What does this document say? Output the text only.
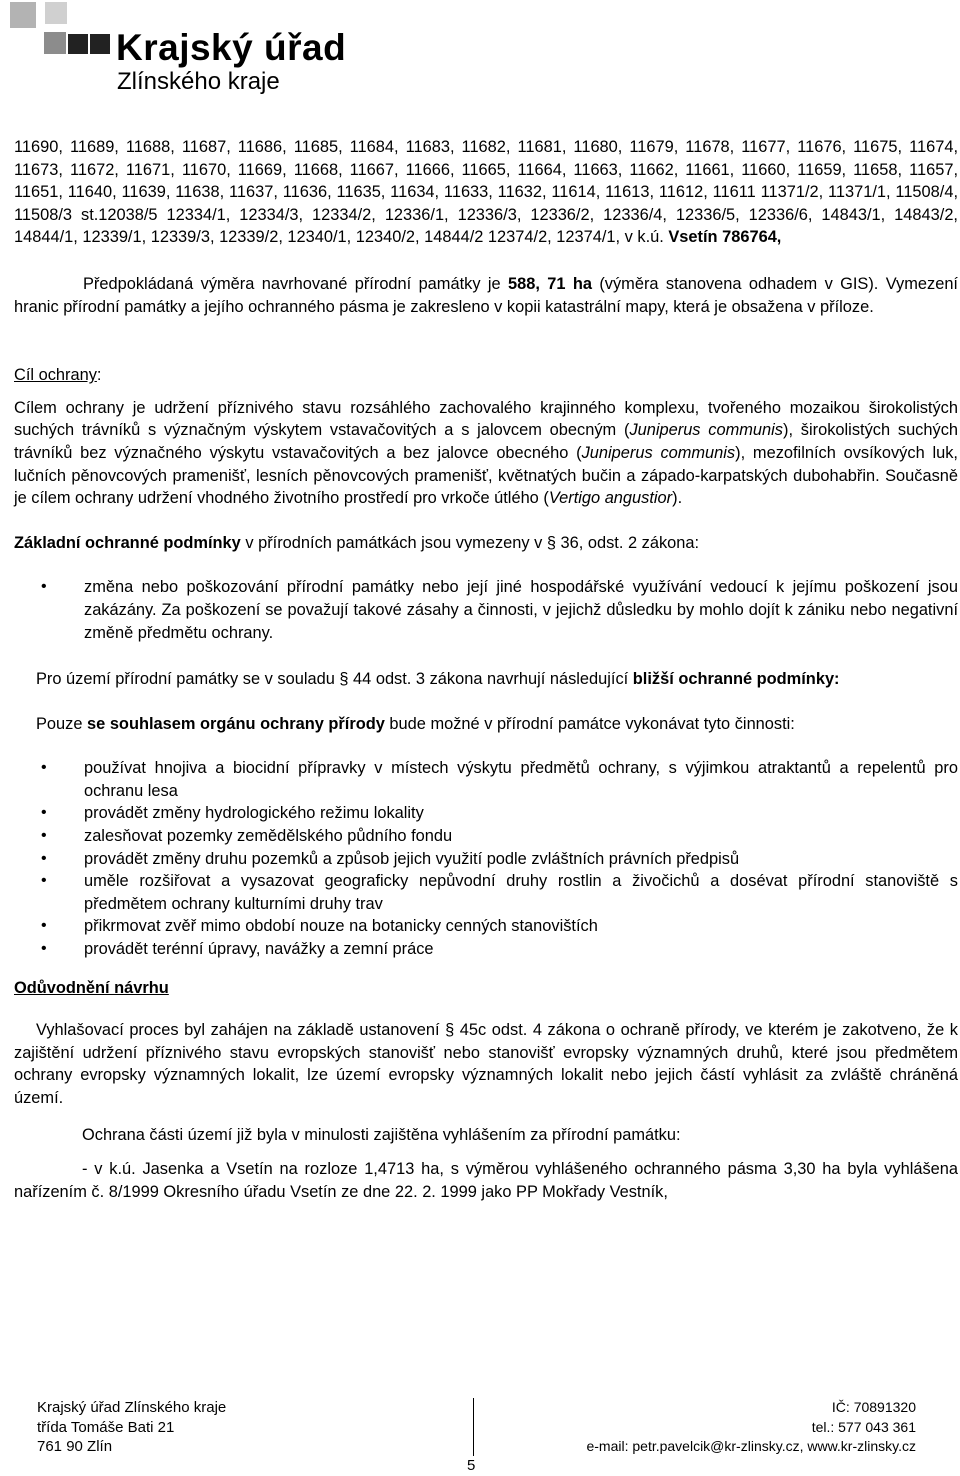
Krajský úřad
Zlínského kraje

11690, 11689, 11688, 11687, 11686, 11685, 11684, 11683, 11682, 11681, 11680, 11679, 11678, 11677, 11676, 11675, 11674, 11673, 11672, 11671, 11670, 11669, 11668, 11667, 11666, 11665, 11664, 11663, 11662, 11661, 11660, 11659, 11658, 11657, 11651, 11640, 11639, 11638, 11637, 11636, 11635, 11634, 11633, 11632, 11614, 11613, 11612, 11611 11371/2, 11371/1, 11508/4, 11508/3 st.12038/5 12334/1, 12334/3, 12334/2, 12336/1, 12336/3, 12336/2, 12336/4, 12336/5, 12336/6, 14843/1, 14843/2, 14844/1, 12339/1, 12339/3, 12339/2, 12340/1, 12340/2, 14844/2 12374/2, 12374/1, v k.ú. Vsetín 786764,

Předpokládaná výměra navrhované přírodní památky je 588, 71 ha (výměra stanovena odhadem v GIS). Vymezení hranic přírodní památky a jejího ochranného pásma je zakresleno v kopii katastrální mapy, která je obsažena v příloze.

Cíl ochrany:

Cílem ochrany je udržení příznivého stavu rozsáhlého zachovalého krajinného komplexu, tvořeného mozaikou širokolistých suchých trávníků s význačným výskytem vstavačovitých a s jalovcem obecným (Juniperus communis), širokolistých suchých trávníků bez význačného výskytu vstavačovitých a bez jalovce obecného (Juniperus communis), mezofilních ovsíkových luk, lučních pěnovcových pramenišť, lesních pěnovcových pramenišť, květnatých bučin a západo-karpatských dubohabřin. Současně je cílem ochrany udržení vhodného životního prostředí pro vrkoče útlého (Vertigo angustior).

Základní ochranné podmínky v přírodních památkách jsou vymezeny v § 36, odst. 2 zákona:

• změna nebo poškozování přírodní památky nebo její jiné hospodářské využívání vedoucí k jejímu poškození jsou zakázány. Za poškození se považují takové zásahy a činnosti, v jejichž důsledku by mohlo dojít k zániku nebo negativní změně předmětu ochrany.

Pro území přírodní památky se v souladu § 44 odst. 3 zákona navrhují následující bližší ochranné podmínky:

Pouze se souhlasem orgánu ochrany přírody bude možné v přírodní památce vykonávat tyto činnosti:

• používat hnojiva a biocidní přípravky v místech výskytu předmětů ochrany, s výjimkou atraktantů a repelentů pro ochranu lesa
• provádět změny hydrologického režimu lokality
• zalesňovat pozemky zemědělského půdního fondu
• provádět změny druhu pozemků a způsob jejich využití podle zvláštních právních předpisů
• uměle rozšiřovat a vysazovat geograficky nepůvodní druhy rostlin a živočichů a dosévat přírodní stanoviště s předmětem ochrany kulturními druhy trav
• přikrmovat zvěř mimo období nouze na botanicky cenných stanovištích
• provádět terénní úpravy, navážky a zemní práce

Odůvodnění návrhu

Vyhlašovací proces byl zahájen na základě ustanovení § 45c odst. 4 zákona o ochraně přírody, ve kterém je zakotveno, že k zajištění udržení příznivého stavu evropských stanovišť nebo stanovišť evropsky významných druhů, které jsou předmětem ochrany evropsky významných lokalit, lze území evropsky významných lokalit nebo jejich částí vyhlásit za zvláště chráněná území.

Ochrana části území již byla v minulosti zajištěna vyhlášením za přírodní památku:

- v k.ú. Jasenka a Vsetín na rozloze 1,4713 ha, s výměrou vyhlášeného ochranného pásma 3,30 ha byla vyhlášena nařízením č. 8/1999 Okresního úřadu Vsetín ze dne 22. 2. 1999 jako PP Mokřady Vestník,

Krajský úřad Zlínského kraje
třída Tomáše Bati 21
761 90 Zlín
IČ: 70891320
tel.: 577 043 361
e-mail: petr.pavelcik@kr-zlinsky.cz, www.kr-zlinsky.cz
5
